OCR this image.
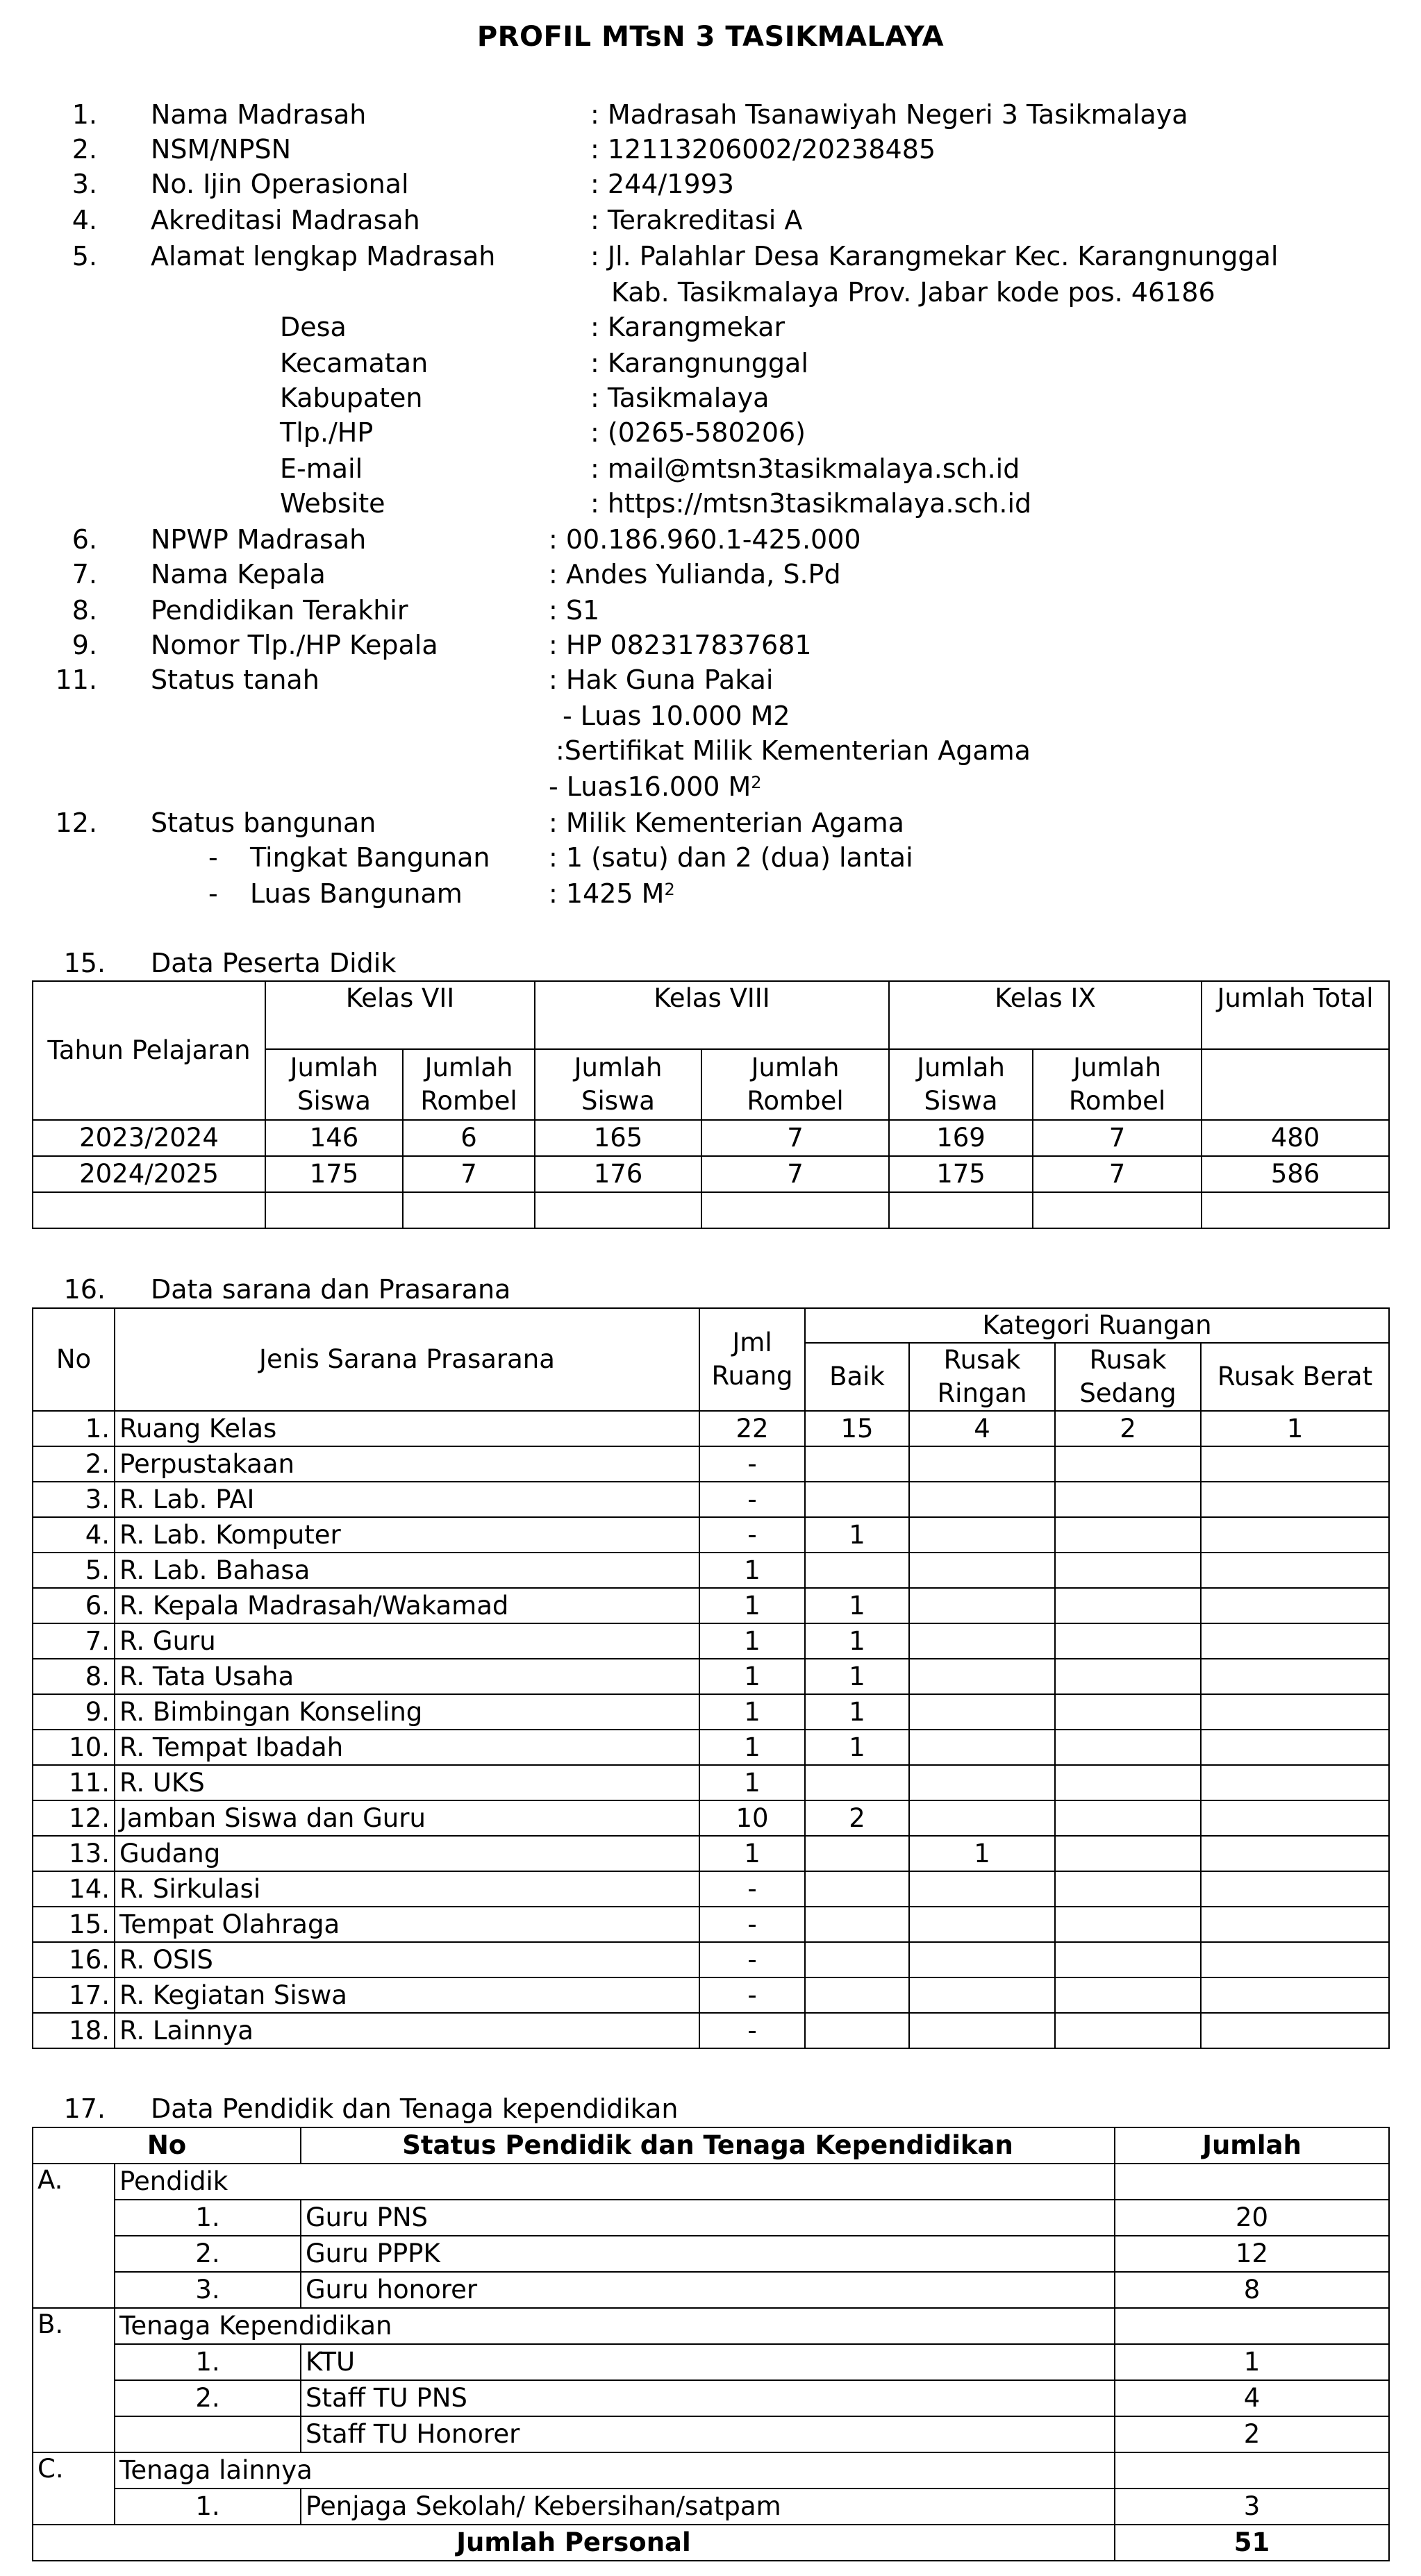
PROFIL MTsN 3 TASIKMALAYA
1. Nama Madrasah	: Madrasah Tsanawiyah Negeri 3 Tasikmalaya
2. NSM/NPSN	: 12113206002/20238485
3. No. Ijin Operasional	: 244/1993
4. Akreditasi Madrasah	: Terakreditasi A
5. Alamat lengkap Madrasah	: Jl. Palahlar Desa Karangmekar Kec. Karangnunggal
Kab. Tasikmalaya Prov. Jabar kode pos. 46186
Desa	: Karangmekar
Kecamatan	: Karangnunggal
Kabupaten	: Tasikmalaya
Tlp./HP	: (0265-580206)
E-mail	: mail@mtsn3tasikmalaya.sch.id
Website	: https://mtsn3tasikmalaya.sch.id
6. NPWP Madrasah	: 00.186.960.1-425.000
7. Nama Kepala	: Andes Yulianda, S.Pd
8. Pendidikan Terakhir	: S1
9. Nomor Tlp./HP Kepala	: HP 082317837681
11. Status tanah	: Hak Guna Pakai
- Luas 10.000 M2
:Sertifikat Milik Kementerian Agama
- Luas16.000 $M^2$
12. Status bangunan	: Milik Kementerian Agama
- Tingkat Bangunan : 1 (satu) dan 2 (dua) lantai
- Luas Bangunam	: 1425 $M^2$
15. Data Peserta Didik
Tahun Pelajaran	Kelas VII		Kelas VIII		Kelas IX		Jumlah Total
	Jumlah Siswa	Jumlah Rombel	Jumlah Siswa	Jumlah Rombel	Jumlah Siswa	Jumlah Rombel	
2023/2024	146	6	165	7	169	7	480
2024/2025	175	7	176	7	175	7	586

16. Data sarana dan Prasarana
No	Jenis Sarana Prasarana	Jml Ruang	Kategori Ruangan			
			Baik	Rusak Ringan	Rusak Sedang	Rusak Berat
1.	Ruang Kelas	22	15	4	2	1
2.	Perpustakaan	-				
3.	R. Lab. PAI	-				
4.	R. Lab. Komputer	-	1			
5.	R. Lab. Bahasa	1				
6.	R. Kepala Madrasah/Wakamad	1	1			
7.	R. Guru	1	1			
8.	R. Tata Usaha	1	1			
9.	R. Bimbingan Konseling	1	1			
10.	R. Tempat Ibadah	1	1			
11.	R. UKS	1				
12.	Jamban Siswa dan Guru	10	2			
13.	Gudang	1		1		
14.	R. Sirkulasi	-				
15.	Tempat Olahraga	-				
16.	R. OSIS	-				
17.	R. Kegiatan Siswa	-				
18.	R. Lainnya	-				
17. Data Pendidik dan Tenaga kependidikan
No		Status Pendidik dan Tenaga Kependidikan	Jumlah
A.	Pendidik		
	1.	Guru PNS	20
	2.	Guru PPPK	12
	3.	Guru honorer	8
B.	Tenaga Kependidikan		
	1.	KTU	1
	2.	Staff TU PNS	4
		Staff TU Honorer	2
C.	Tenaga lainnya		
	1.	Penjaga Sekolah/ Kebersihan/satpam	3
Jumlah Personal			51
